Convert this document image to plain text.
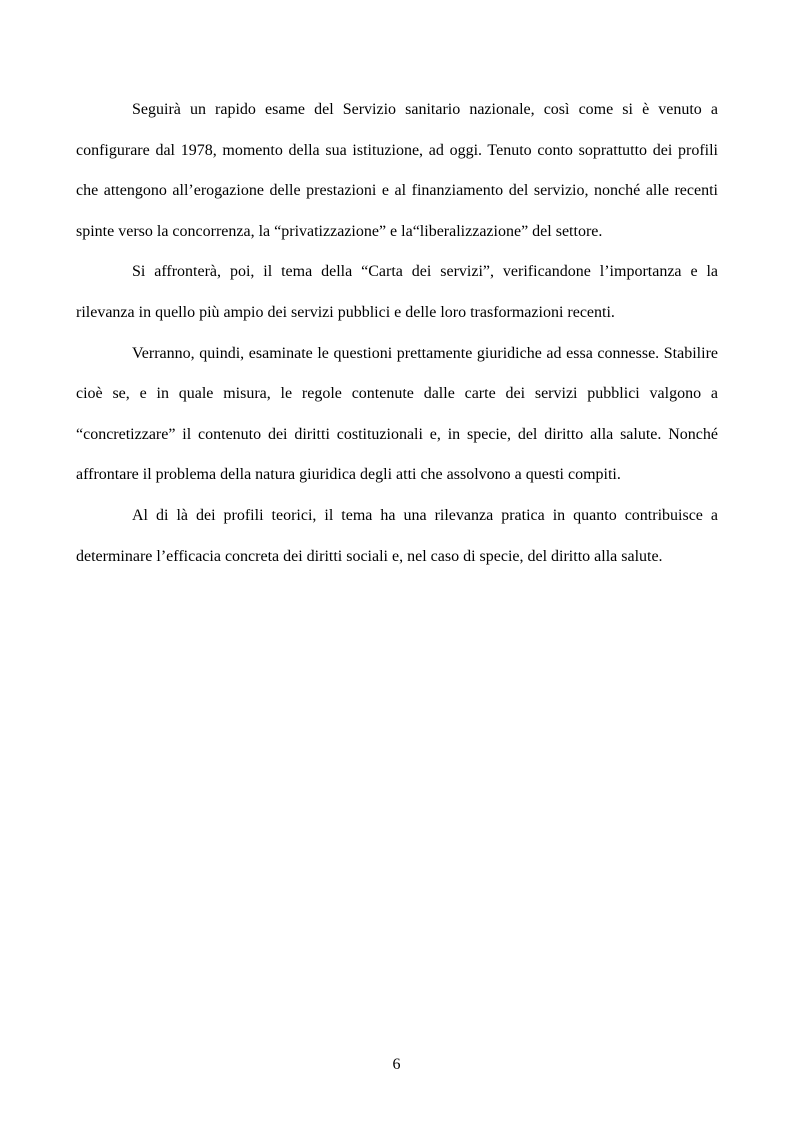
Seguirà un rapido esame del Servizio sanitario nazionale, così come si è venuto a configurare dal 1978, momento della sua istituzione, ad oggi. Tenuto conto soprattutto dei profili che attengono all’erogazione delle prestazioni e al finanziamento del servizio, nonché alle recenti spinte verso la concorrenza, la “privatizzazione” e la“liberalizzazione” del settore.

Si affronterà, poi, il tema della “Carta dei servizi”, verificandone l’importanza e la rilevanza in quello più ampio dei servizi pubblici e delle loro trasformazioni recenti.

Verranno, quindi, esaminate le questioni prettamente giuridiche ad essa connesse. Stabilire cioè se, e in quale misura, le regole contenute dalle carte dei servizi pubblici valgono a “concretizzare” il contenuto dei diritti costituzionali e, in specie, del diritto alla salute. Nonché affrontare il problema della natura giuridica degli atti che assolvono a questi compiti.

Al di là dei profili teorici, il tema ha una rilevanza pratica in quanto contribuisce a determinare l’efficacia concreta dei diritti sociali e, nel caso di specie, del diritto alla salute.

6
